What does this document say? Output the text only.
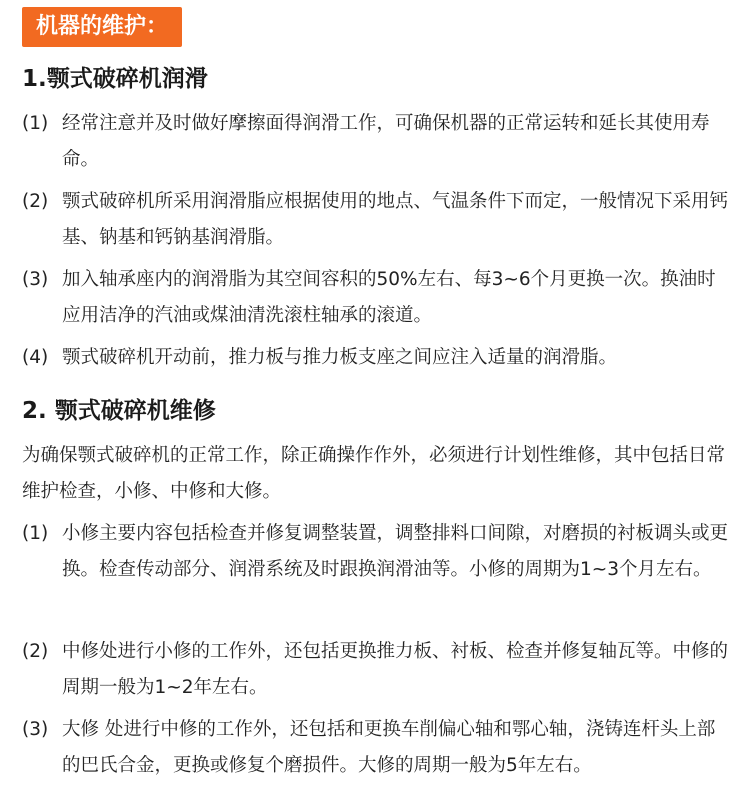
机器的维护：
1.颚式破碎机润滑
(1) 经常注意并及时做好摩擦面得润滑工作，可确保机器的正常运转和延长其使用寿命。
(2) 颚式破碎机所采用润滑脂应根据使用的地点、气温条件下而定，一般情况下采用钙基、钠基和钙钠基润滑脂。
(3) 加入轴承座内的润滑脂为其空间容积的50%左右、每3~6个月更换一次。换油时应用洁净的汽油或煤油清洗滚柱轴承的滚道。
(4) 颚式破碎机开动前，推力板与推力板支座之间应注入适量的润滑脂。
2. 颚式破碎机维修
为确保颚式破碎机的正常工作，除正确操作作外，必须进行计划性维修，其中包括日常维护检查，小修、中修和大修。
(1) 小修主要内容包括检查并修复调整装置，调整排料口间隙，对磨损的衬板调头或更换。检查传动部分、润滑系统及时跟换润滑油等。小修的周期为1~3个月左右。
(2) 中修处进行小修的工作外，还包括更换推力板、衬板、检查并修复轴瓦等。中修的周期一般为1~2年左右。
(3) 大修 处进行中修的工作外，还包括和更换车削偏心轴和鄂心轴，浇铸连杆头上部的巴氏合金，更换或修复个磨损件。大修的周期一般为5年左右。
